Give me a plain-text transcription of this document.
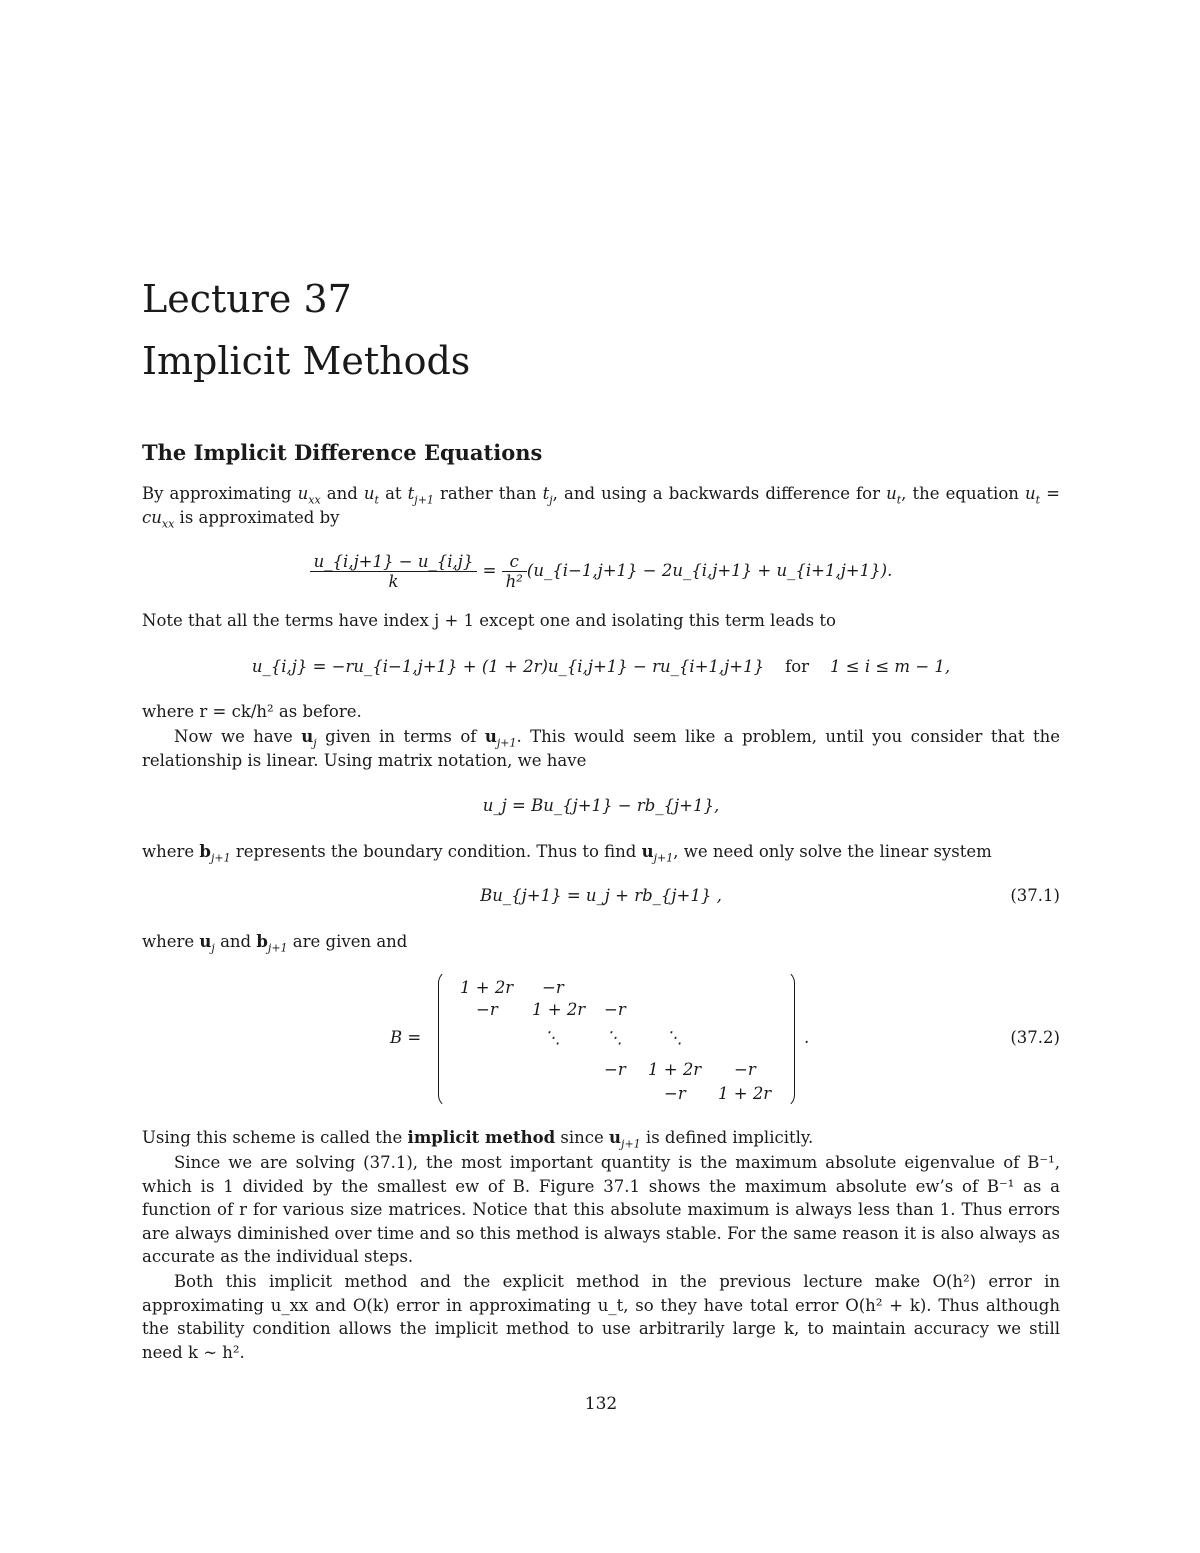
Lecture 37
Implicit Methods
The Implicit Difference Equations
By approximating $u_{xx}$ and $u_t$ at $t_{j+1}$ rather than $t_j$, and using a backwards difference for $u_t$, the equation $u_t = cu_{xx}$ is approximated by
$\frac{u\_\{i,j+1\} - u\_\{i,j\}}{k} = \frac{c}{\text{h²}}$ (u_{i−1,j+1} − 2u_{i,j+1} + u_{i+1,j+1}).
Note that all the terms have index j + 1 except one and isolating this term leads to
u_{i,j} = −ru_{i−1,j+1} + (1 + 2r)u_{i,j+1} − ru_{i+1,j+1} for 1 ≤ i ≤ m − 1,
where r = ck/h² as before.
Now we have $u_j$ given in terms of $u_{j+1}$. This would seem like a problem, until you consider that the relationship is linear. Using matrix notation, we have
u_j = Bu_{j+1} − rb_{j+1},
where $b_{j+1}$ represents the boundary condition. Thus to find $u_{j+1}$, we need only solve the linear system
Bu_{j+1} = u_j + rb_{j+1} ,	(37.1)
where $u_j$ and $b_{j+1}$ are given and
B =
1 + 2r −r
−r 1 + 2r −r
⋱	⋱	⋱
−r 1 + 2r −r
−r 1 + 2r
.	(37.2)
Using this scheme is called the implicit method since $u_{j+1}$ is defined implicitly.
Since we are solving (37.1), the most important quantity is the maximum absolute eigenvalue of B⁻¹, which is 1 divided by the smallest ew of B. Figure 37.1 shows the maximum absolute ew’s of B⁻¹ as a function of r for various size matrices. Notice that this absolute maximum is always less than 1. Thus errors are always diminished over time and so this method is always stable. For the same reason it is also always as accurate as the individual steps.
Both this implicit method and the explicit method in the previous lecture make O(h²) error in approximating u_xx and O(k) error in approximating u_t, so they have total error O(h² + k). Thus although the stability condition allows the implicit method to use arbitrarily large k, to maintain accuracy we still need k ∼ h².
132
